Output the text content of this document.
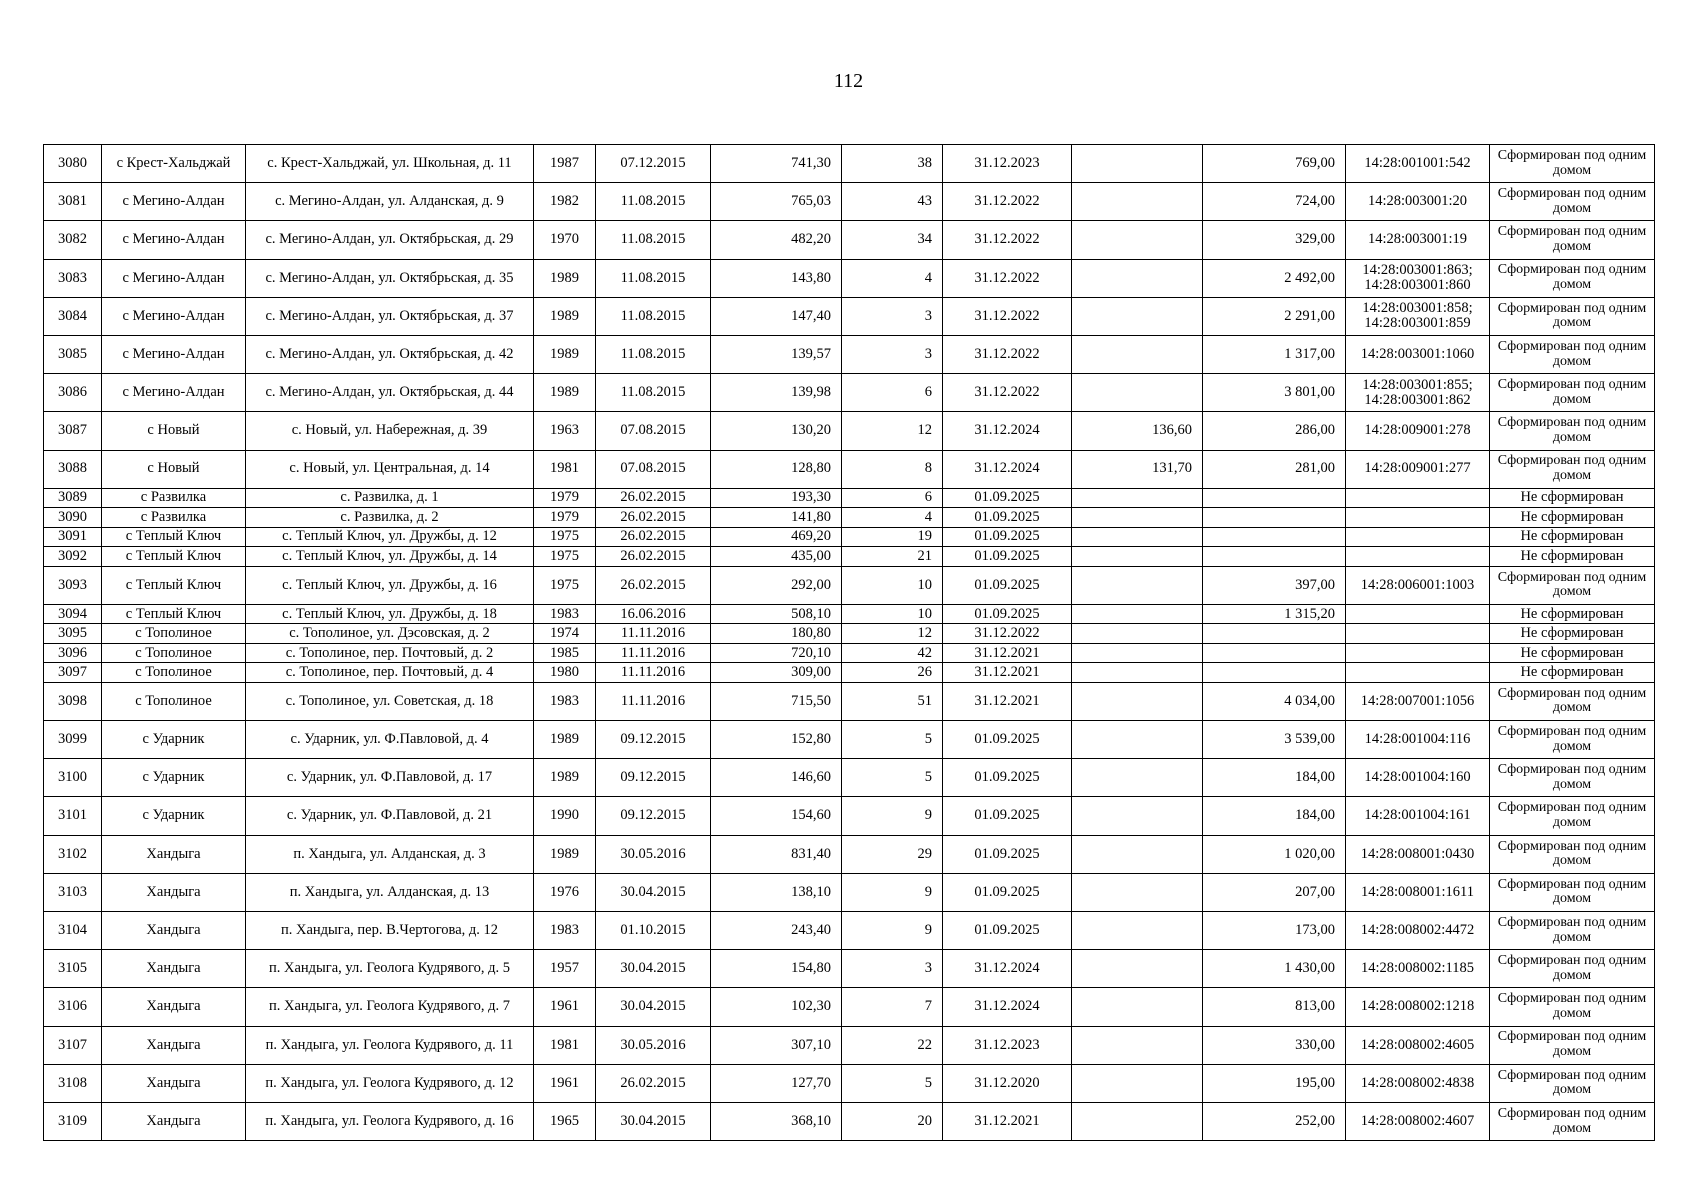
112
3080	с Крест-Хальджай	с. Крест-Хальджай, ул. Школьная, д. 11	1987	07.12.2015	741,30	38	31.12.2023		769,00	14:28:001001:542	Сформирован под одним домом
3081	с Мегино-Алдан	с. Мегино-Алдан, ул. Алданская, д. 9	1982	11.08.2015	765,03	43	31.12.2022		724,00	14:28:003001:20	Сформирован под одним домом
3082	с Мегино-Алдан	с. Мегино-Алдан, ул. Октябрьская, д. 29	1970	11.08.2015	482,20	34	31.12.2022		329,00	14:28:003001:19	Сформирован под одним домом
3083	с Мегино-Алдан	с. Мегино-Алдан, ул. Октябрьская, д. 35	1989	11.08.2015	143,80	4	31.12.2022		2 492,00	14:28:003001:863; 14:28:003001:860	Сформирован под одним домом
3084	с Мегино-Алдан	с. Мегино-Алдан, ул. Октябрьская, д. 37	1989	11.08.2015	147,40	3	31.12.2022		2 291,00	14:28:003001:858; 14:28:003001:859	Сформирован под одним домом
3085	с Мегино-Алдан	с. Мегино-Алдан, ул. Октябрьская, д. 42	1989	11.08.2015	139,57	3	31.12.2022		1 317,00	14:28:003001:1060	Сформирован под одним домом
3086	с Мегино-Алдан	с. Мегино-Алдан, ул. Октябрьская, д. 44	1989	11.08.2015	139,98	6	31.12.2022		3 801,00	14:28:003001:855; 14:28:003001:862	Сформирован под одним домом
3087	с Новый	с. Новый, ул. Набережная, д. 39	1963	07.08.2015	130,20	12	31.12.2024	136,60	286,00	14:28:009001:278	Сформирован под одним домом
3088	с Новый	с. Новый, ул. Центральная, д. 14	1981	07.08.2015	128,80	8	31.12.2024	131,70	281,00	14:28:009001:277	Сформирован под одним домом
3089	с Развилка	с. Развилка, д. 1	1979	26.02.2015	193,30	6	01.09.2025				Не сформирован
3090	с Развилка	с. Развилка, д. 2	1979	26.02.2015	141,80	4	01.09.2025				Не сформирован
3091	с Теплый Ключ	с. Теплый Ключ, ул. Дружбы, д. 12	1975	26.02.2015	469,20	19	01.09.2025				Не сформирован
3092	с Теплый Ключ	с. Теплый Ключ, ул. Дружбы, д. 14	1975	26.02.2015	435,00	21	01.09.2025				Не сформирован
3093	с Теплый Ключ	с. Теплый Ключ, ул. Дружбы, д. 16	1975	26.02.2015	292,00	10	01.09.2025		397,00	14:28:006001:1003	Сформирован под одним домом
3094	с Теплый Ключ	с. Теплый Ключ, ул. Дружбы, д. 18	1983	16.06.2016	508,10	10	01.09.2025		1 315,20		Не сформирован
3095	с Тополиное	с. Тополиное, ул. Дэсовская, д. 2	1974	11.11.2016	180,80	12	31.12.2022				Не сформирован
3096	с Тополиное	с. Тополиное, пер. Почтовый, д. 2	1985	11.11.2016	720,10	42	31.12.2021				Не сформирован
3097	с Тополиное	с. Тополиное, пер. Почтовый, д. 4	1980	11.11.2016	309,00	26	31.12.2021				Не сформирован
3098	с Тополиное	с. Тополиное, ул. Советская, д. 18	1983	11.11.2016	715,50	51	31.12.2021		4 034,00	14:28:007001:1056	Сформирован под одним домом
3099	с Ударник	с. Ударник, ул. Ф.Павловой, д. 4	1989	09.12.2015	152,80	5	01.09.2025		3 539,00	14:28:001004:116	Сформирован под одним домом
3100	с Ударник	с. Ударник, ул. Ф.Павловой, д. 17	1989	09.12.2015	146,60	5	01.09.2025		184,00	14:28:001004:160	Сформирован под одним домом
3101	с Ударник	с. Ударник, ул. Ф.Павловой, д. 21	1990	09.12.2015	154,60	9	01.09.2025		184,00	14:28:001004:161	Сформирован под одним домом
3102	Хандыга	п. Хандыга, ул. Алданская, д. 3	1989	30.05.2016	831,40	29	01.09.2025		1 020,00	14:28:008001:0430	Сформирован под одним домом
3103	Хандыга	п. Хандыга, ул. Алданская, д. 13	1976	30.04.2015	138,10	9	01.09.2025		207,00	14:28:008001:1611	Сформирован под одним домом
3104	Хандыга	п. Хандыга, пер. В.Чертогова, д. 12	1983	01.10.2015	243,40	9	01.09.2025		173,00	14:28:008002:4472	Сформирован под одним домом
3105	Хандыга	п. Хандыга, ул. Геолога Кудрявого, д. 5	1957	30.04.2015	154,80	3	31.12.2024		1 430,00	14:28:008002:1185	Сформирован под одним домом
3106	Хандыга	п. Хандыга, ул. Геолога Кудрявого, д. 7	1961	30.04.2015	102,30	7	31.12.2024		813,00	14:28:008002:1218	Сформирован под одним домом
3107	Хандыга	п. Хандыга, ул. Геолога Кудрявого, д. 11	1981	30.05.2016	307,10	22	31.12.2023		330,00	14:28:008002:4605	Сформирован под одним домом
3108	Хандыга	п. Хандыга, ул. Геолога Кудрявого, д. 12	1961	26.02.2015	127,70	5	31.12.2020		195,00	14:28:008002:4838	Сформирован под одним домом
3109	Хандыга	п. Хандыга, ул. Геолога Кудрявого, д. 16	1965	30.04.2015	368,10	20	31.12.2021		252,00	14:28:008002:4607	Сформирован под одним домом
